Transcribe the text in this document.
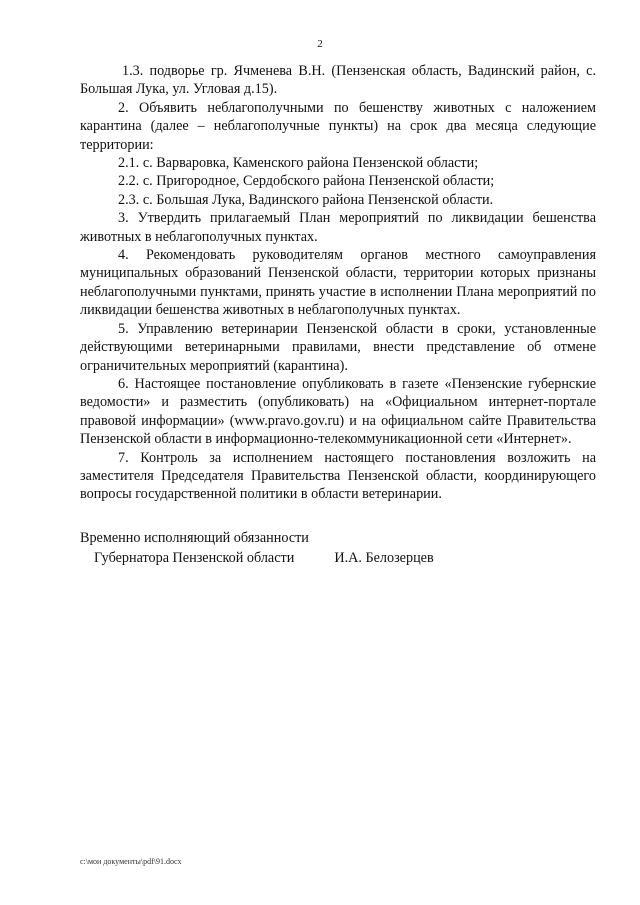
2

1.3. подворье гр. Ячменева В.Н. (Пензенская область, Вадинский район, с. Большая Лука, ул. Угловая д.15).

2. Объявить неблагополучными по бешенству животных с наложением карантина (далее – неблагополучные пункты) на срок два месяца следующие территории:

2.1. с. Варваровка, Каменского района Пензенской области;

2.2. с. Пригородное, Сердобского района Пензенской области;

2.3. с. Большая Лука, Вадинского района Пензенской области.

3. Утвердить прилагаемый План мероприятий по ликвидации бешенства животных в неблагополучных пунктах.

4. Рекомендовать руководителям органов местного самоуправления муниципальных образований Пензенской области, территории которых признаны неблагополучными пунктами, принять участие в исполнении Плана мероприятий по ликвидации бешенства животных в неблагополучных пунктах.

5. Управлению ветеринарии Пензенской области в сроки, установленные действующими ветеринарными правилами, внести представление об отмене ограничительных мероприятий (карантина).

6. Настоящее постановление опубликовать в газете «Пензенские губернские ведомости» и разместить (опубликовать) на «Официальном интернет-портале правовой информации» (www.pravo.gov.ru) и на официальном сайте Правительства Пензенской области в информационно-телекоммуникационной сети «Интернет».

7. Контроль за исполнением настоящего постановления возложить на заместителя Председателя Правительства Пензенской области, координирующего вопросы государственной политики в области ветеринарии.

Временно исполняющий обязанности

Губернатора Пензенской области	И.А. Белозерцев

c:\мои документы\pdf\91.docx
